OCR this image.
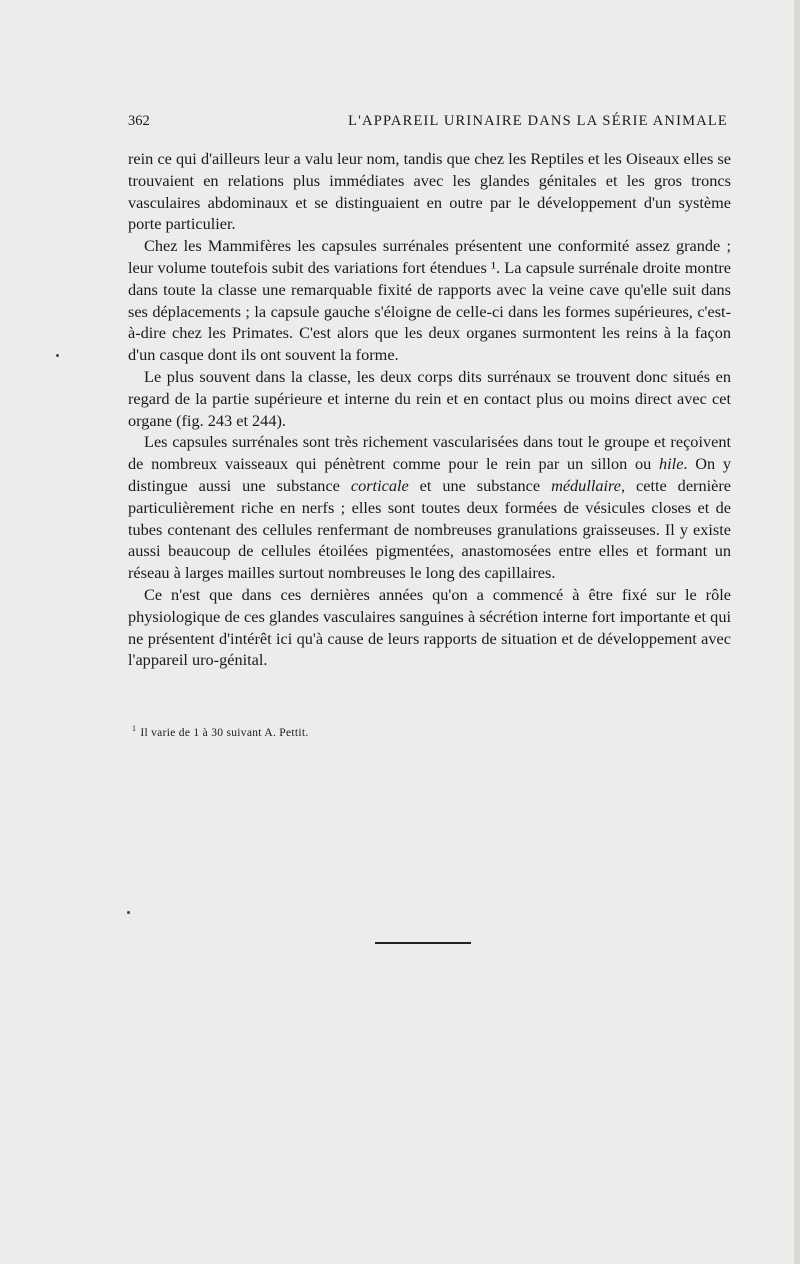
362	L'APPAREIL URINAIRE DANS LA SÉRIE ANIMALE

rein ce qui d'ailleurs leur a valu leur nom, tandis que chez les Reptiles et les Oiseaux elles se trouvaient en relations plus immédiates avec les glandes génitales et les gros troncs vasculaires abdominaux et se distinguaient en outre par le développement d'un système porte particulier.

Chez les Mammifères les capsules surrénales présentent une conformité assez grande ; leur volume toutefois subit des variations fort étendues ¹. La capsule surrénale droite montre dans toute la classe une remarquable fixité de rapports avec la veine cave qu'elle suit dans ses déplacements ; la capsule gauche s'éloigne de celle-ci dans les formes supérieures, c'est-à-dire chez les Primates. C'est alors que les deux organes surmontent les reins à la façon d'un casque dont ils ont souvent la forme.

Le plus souvent dans la classe, les deux corps dits surrénaux se trouvent donc situés en regard de la partie supérieure et interne du rein et en contact plus ou moins direct avec cet organe (fig. 243 et 244).

Les capsules surrénales sont très richement vascularisées dans tout le groupe et reçoivent de nombreux vaisseaux qui pénètrent comme pour le rein par un sillon ou hile. On y distingue aussi une substance corticale et une substance médullaire, cette dernière particulièrement riche en nerfs ; elles sont toutes deux formées de vésicules closes et de tubes contenant des cellules renfermant de nombreuses granulations graisseuses. Il y existe aussi beaucoup de cellules étoilées pigmentées, anastomosées entre elles et formant un réseau à larges mailles surtout nombreuses le long des capillaires.

Ce n'est que dans ces dernières années qu'on a commencé à être fixé sur le rôle physiologique de ces glandes vasculaires sanguines à sécrétion interne fort importante et qui ne présentent d'intérêt ici qu'à cause de leurs rapports de situation et de développement avec l'appareil uro-génital.

$^1$ Il varie de 1 à 30 suivant A. Pettit.
